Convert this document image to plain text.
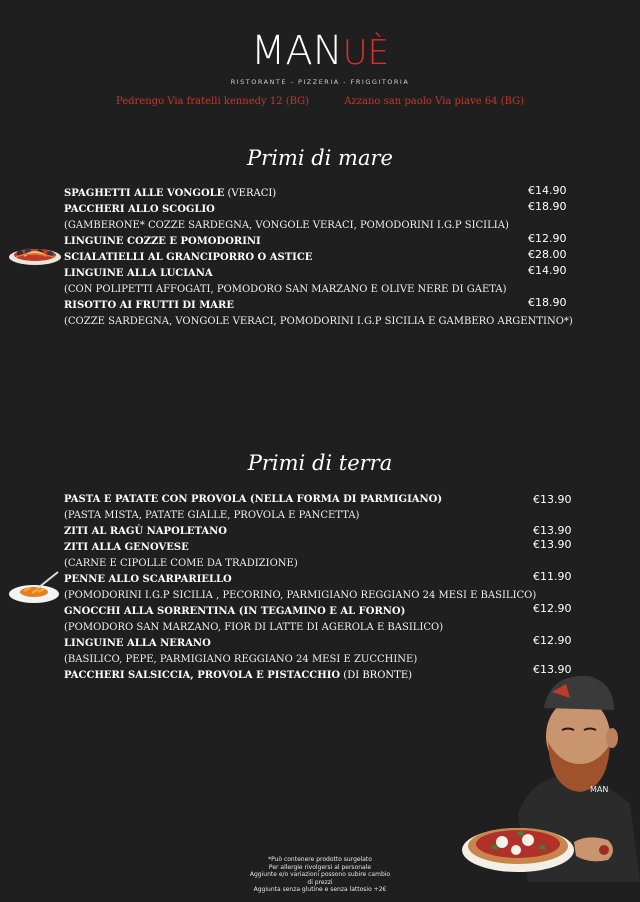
MANUÈ
RISTORANTE - PIZZERIA - FRIGGITORIA
Pedrengo Via fratelli kennedy 12 (BG)	Azzano san paolo Via piave 64 (BG)
Primi di mare
SPAGHETTI ALLE VONGOLE (VERACI)	€14.90
PACCHERI ALLO SCOGLIO	€18.90
(GAMBERONE* COZZE SARDEGNA, VONGOLE VERACI, POMODORINI I.G.P SICILIA)
LINGUINE COZZE E POMODORINI	€12.90
SCIALATIELLI AL GRANCIPORRO O ASTICE	€28.00
LINGUINE ALLA LUCIANA	€14.90
(CON POLIPETTI AFFOGATI, POMODORO SAN MARZANO E OLIVE NERE DI GAETA)
RISOTTO AI FRUTTI DI MARE	€18.90
(COZZE SARDEGNA, VONGOLE VERACI, POMODORINI I.G.P SICILIA E GAMBERO ARGENTINO*)
Primi di terra
PASTA E PATATE CON PROVOLA (NELLA FORMA DI PARMIGIANO)	€13.90
(PASTA MISTA, PATATE GIALLE, PROVOLA E PANCETTA)
ZITI AL RAGÙ NAPOLETANO	€13.90
ZITI ALLA GENOVESE	€13.90
(CARNE E CIPOLLE COME DA TRADIZIONE)
PENNE ALLO SCARPARIELLO	€11.90
(POMODORINI I.G.P SICILIA , PECORINO, PARMIGIANO REGGIANO 24 MESI E BASILICO)
GNOCCHI ALLA SORRENTINA (IN TEGAMINO E AL FORNO)	€12.90
(POMODORO SAN MARZANO, FIOR DI LATTE DI AGEROLA E BASILICO)
LINGUINE ALLA NERANO	€12.90
(BASILICO, PEPE, PARMIGIANO REGGIANO 24 MESI E ZUCCHINE)
PACCHERI SALSICCIA, PROVOLA E PISTACCHIO (DI BRONTE)	€13.90
MAN
*Può contenere prodotto surgelato
Per allergie rivolgersi al personale
Aggiunte e/o variazioni possono subire cambio
di prezzi
Aggiunta senza glutine e senza lattosio +2€
